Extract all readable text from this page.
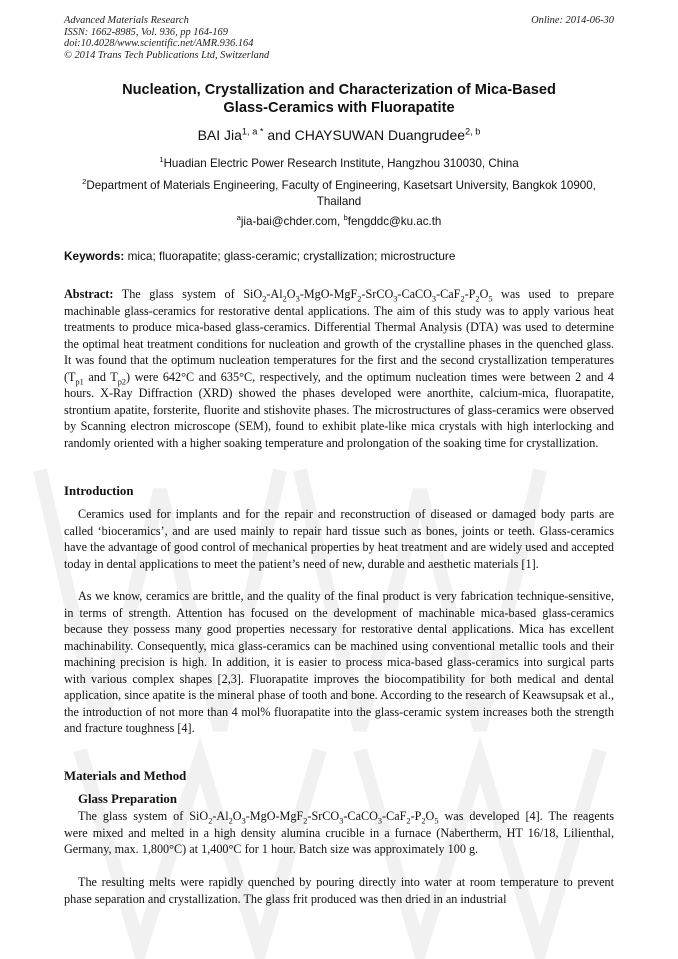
Advanced Materials Research
ISSN: 1662-8985, Vol. 936, pp 164-169
doi:10.4028/www.scientific.net/AMR.936.164
© 2014 Trans Tech Publications Ltd, Switzerland
Online: 2014-06-30
Nucleation, Crystallization and Characterization of Mica-Based
Glass-Ceramics with Fluorapatite
BAI Jia$^{1, a *}$ and CHAYSUWAN Duangrudee$^{2, b}$
$^1$Huadian Electric Power Research Institute, Hangzhou 310030, China
$^2$Department of Materials Engineering, Faculty of Engineering, Kasetsart University, Bangkok 10900, Thailand
$^a$jia-bai@chder.com, $^b$fengddc@ku.ac.th
Keywords: mica; fluorapatite; glass-ceramic; crystallization; microstructure
Abstract: The glass system of $SiO_2-Al_2O_3-MgO-MgF_2-SrCO_3-CaCO_3-CaF_2-P_2O_5$ was used to prepare machinable glass-ceramics for restorative dental applications. The aim of this study was to apply various heat treatments to produce mica-based glass-ceramics. Differential Thermal Analysis (DTA) was used to determine the optimal heat treatment conditions for nucleation and growth of the crystalline phases in the quenched glass. It was found that the optimum nucleation temperatures for the first and the second crystallization temperatures ($T_{p1}$ and $T_{p2}$) were 642°C and 635°C, respectively, and the optimum nucleation times were between 2 and 4 hours. X-Ray Diffraction (XRD) showed the phases developed were anorthite, calcium-mica, fluorapatite, strontium apatite, forsterite, fluorite and stishovite phases. The microstructures of glass-ceramics were observed by Scanning electron microscope (SEM), found to exhibit plate-like mica crystals with high interlocking and randomly oriented with a higher soaking temperature and prolongation of the soaking time for crystallization.
Introduction
Ceramics used for implants and for the repair and reconstruction of diseased or damaged body parts are called ‘bioceramics’, and are used mainly to repair hard tissue such as bones, joints or teeth. Glass-ceramics have the advantage of good control of mechanical properties by heat treatment and are widely used and accepted today in dental applications to meet the patient’s need of new, durable and aesthetic materials [1].
As we know, ceramics are brittle, and the quality of the final product is very fabrication technique-sensitive, in terms of strength. Attention has focused on the development of machinable mica-based glass-ceramics because they possess many good properties necessary for restorative dental applications. Mica has excellent machinability. Consequently, mica glass-ceramics can be machined using conventional metallic tools and their machining precision is high. In addition, it is easier to process mica-based glass-ceramics into surgical parts with various complex shapes [2,3]. Fluorapatite improves the biocompatibility for both medical and dental application, since apatite is the mineral phase of tooth and bone. According to the research of Keawsupsak et al., the introduction of not more than 4 mol% fluorapatite into the glass-ceramic system increases both the strength and fracture toughness [4].
Materials and Method
Glass Preparation
The glass system of $SiO_2-Al_2O_3-MgO-MgF_2-SrCO_3-CaCO_3-CaF_2-P_2O_5$ was developed [4]. The reagents were mixed and melted in a high density alumina crucible in a furnace (Nabertherm, HT 16/18, Lilienthal, Germany, max. 1,800°C) at 1,400°C for 1 hour. Batch size was approximately 100 g.
The resulting melts were rapidly quenched by pouring directly into water at room temperature to prevent phase separation and crystallization. The glass frit produced was then dried in an industrial
